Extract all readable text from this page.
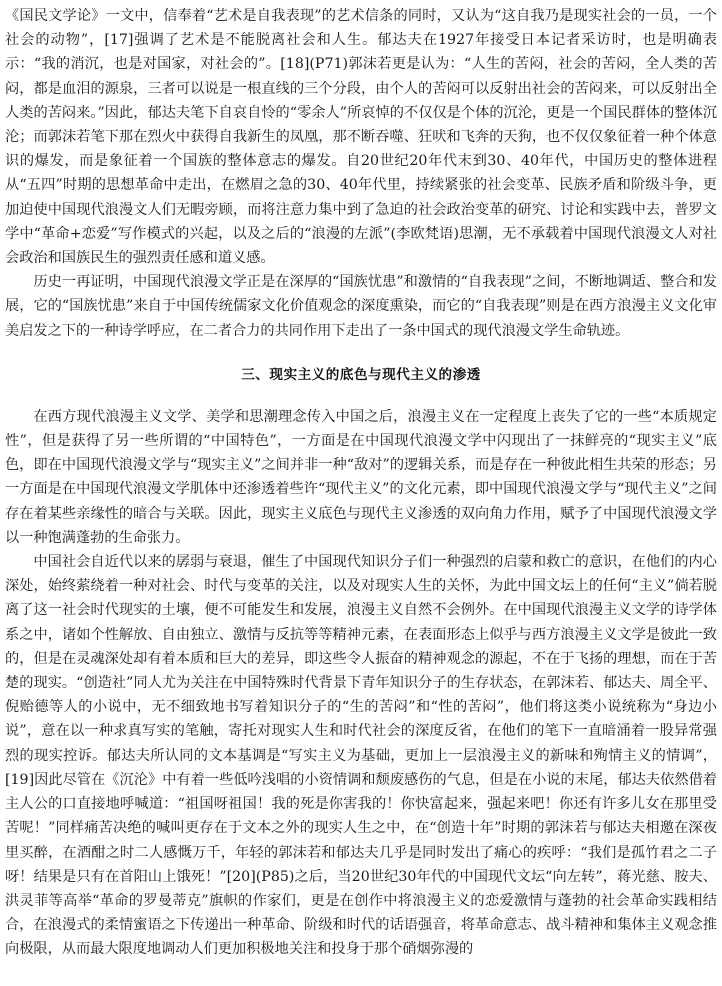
《国民文学论》一文中，信奉着“艺术是自我表现”的艺术信条的同时，又认为“这自我乃是现实社会的一员，一个社会的动物”，[17]强调了艺术是不能脱离社会和人生。郁达夫在1927年接受日本记者采访时，也是明确表示：“我的消沉，也是对国家，对社会的”。[18](P71)郭沫若更是认为：“人生的苦闷，社会的苦闷，全人类的苦闷，都是血泪的源泉，三者可以说是一根直线的三个分段，由个人的苦闷可以反射出社会的苦闷来，可以反射出全人类的苦闷来。”因此，郁达夫笔下自哀自怜的“零余人”所哀悼的不仅仅是个体的沉沦，更是一个国民群体的整体沉沦；而郭沫若笔下那在烈火中获得自我新生的凤凰，那不断吞噬、狂吠和飞奔的天狗，也不仅仅象征着一种个体意识的爆发，而是象征着一个国族的整体意志的爆发。自20世纪20年代末到30、40年代，中国历史的整体进程从“五四”时期的思想革命中走出，在燃眉之急的30、40年代里，持续紧张的社会变革、民族矛盾和阶级斗争，更加迫使中国现代浪漫文人们无暇旁顾，而将注意力集中到了急迫的社会政治变革的研究、讨论和实践中去，普罗文学中“革命+恋爱”写作模式的兴起，以及之后的“浪漫的左派”(李欧梵语)思潮，无不承载着中国现代浪漫文人对社会政治和国族民生的强烈责任感和道义感。

历史一再证明，中国现代浪漫文学正是在深厚的“国族忧患”和激情的“自我表现”之间，不断地调适、整合和发展，它的“国族忧患”来自于中国传统儒家文化价值观念的深度熏染，而它的“自我表现”则是在西方浪漫主义文化审美启发之下的一种诗学呼应，在二者合力的共同作用下走出了一条中国式的现代浪漫文学生命轨迹。

三、现实主义的底色与现代主义的渗透

在西方现代浪漫主义文学、美学和思潮理念传入中国之后，浪漫主义在一定程度上丧失了它的一些“本质规定性”，但是获得了另一些所谓的“中国特色”，一方面是在中国现代浪漫文学中闪现出了一抹鲜亮的“现实主义”底色，即在中国现代浪漫文学与“现实主义”之间并非一种“敌对”的逻辑关系，而是存在一种彼此相生共荣的形态；另一方面是在中国现代浪漫文学肌体中还渗透着些许“现代主义”的文化元素，即中国现代浪漫文学与“现代主义”之间存在着某些亲缘性的暗合与关联。因此，现实主义底色与现代主义渗透的双向角力作用，赋予了中国现代浪漫文学以一种饱满蓬勃的生命张力。

中国社会自近代以来的孱弱与衰退，催生了中国现代知识分子们一种强烈的启蒙和救亡的意识，在他们的内心深处，始终萦绕着一种对社会、时代与变革的关注，以及对现实人生的关怀，为此中国文坛上的任何“主义”倘若脱离了这一社会时代现实的土壤，便不可能发生和发展，浪漫主义自然不会例外。在中国现代浪漫主义文学的诗学体系之中，诸如个性解放、自由独立、激情与反抗等等精神元素，在表面形态上似乎与西方浪漫主义文学是彼此一致的，但是在灵魂深处却有着本质和巨大的差异，即这些令人振奋的精神观念的源起，不在于飞扬的理想，而在于苦楚的现实。“创造社”同人尤为关注在中国特殊时代背景下青年知识分子的生存状态，在郭沫若、郁达夫、周全平、倪贻德等人的小说中，无不细致地书写着知识分子的“生的苦闷”和“性的苦闷”，他们将这类小说统称为“身边小说”，意在以一种求真写实的笔触，寄托对现实人生和时代社会的深度反省，在他们的笔下一直暗涌着一股异常强烈的现实控诉。郁达夫所认同的文本基调是“写实主义为基础，更加上一层浪漫主义的新味和殉情主义的情调”，[19]因此尽管在《沉沦》中有着一些低吟浅唱的小资情调和颓废感伤的气息，但是在小说的末尾，郁达夫依然借着主人公的口直接地呼喊道：“祖国呀祖国！我的死是你害我的！你快富起来，强起来吧！你还有许多儿女在那里受苦呢！”同样痛苦决绝的喊叫更存在于文本之外的现实人生之中，在“创造十年”时期的郭沫若与郁达夫相邀在深夜里买醉，在酒酣之时二人感慨万千，年轻的郭沫若和郁达夫几乎是同时发出了痛心的疾呼：“我们是孤竹君之二子呀！结果是只有在首阳山上饿死！”[20](P85)之后，当20世纪30年代的中国现代文坛“向左转”，蒋光慈、胺夫、洪灵菲等高举“革命的罗曼蒂克”旗帜的作家们，更是在创作中将浪漫主义的恋爱激情与蓬勃的社会革命实践相结合，在浪漫式的柔情蜜语之下传递出一种革命、阶级和时代的话语强音，将革命意志、战斗精神和集体主义观念推向极限，从而最大限度地调动人们更加积极地关注和投身于那个硝烟弥漫的
